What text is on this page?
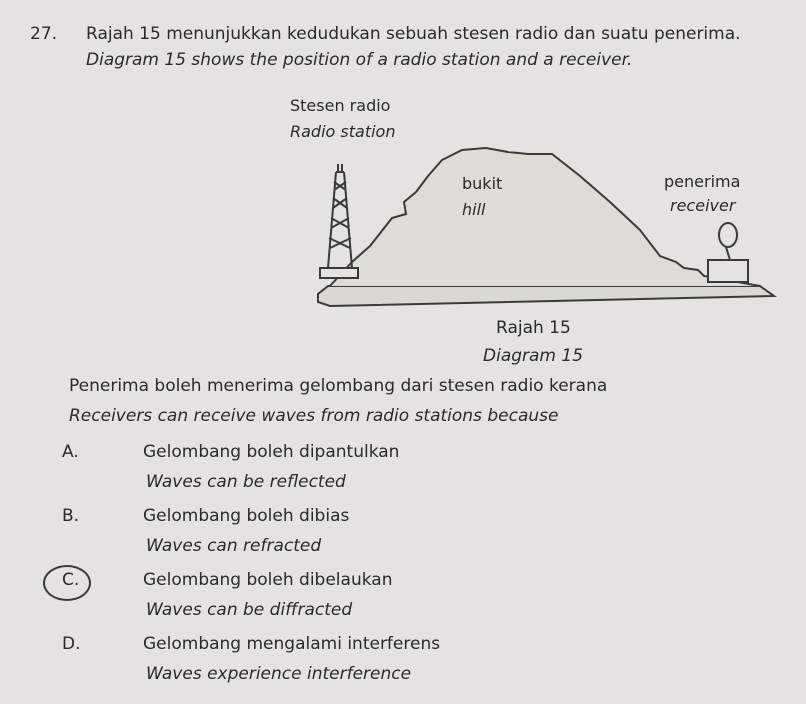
27. Rajah 15 menunjukkan kedudukan sebuah stesen radio dan suatu penerima.
Diagram 15 shows the position of a radio station and a receiver.
Stesen radio
Radio station
bukit
hill
penerima
receiver
Rajah 15
Diagram 15
Penerima boleh menerima gelombang dari stesen radio kerana
Receivers can receive waves from radio stations because
A.	Gelombang boleh dipantulkan
Waves can be reflected
B.	Gelombang boleh dibias
Waves can refracted
C.	Gelombang boleh dibelaukan
Waves can be diffracted
D.	Gelombang mengalami interferens
Waves experience interference
